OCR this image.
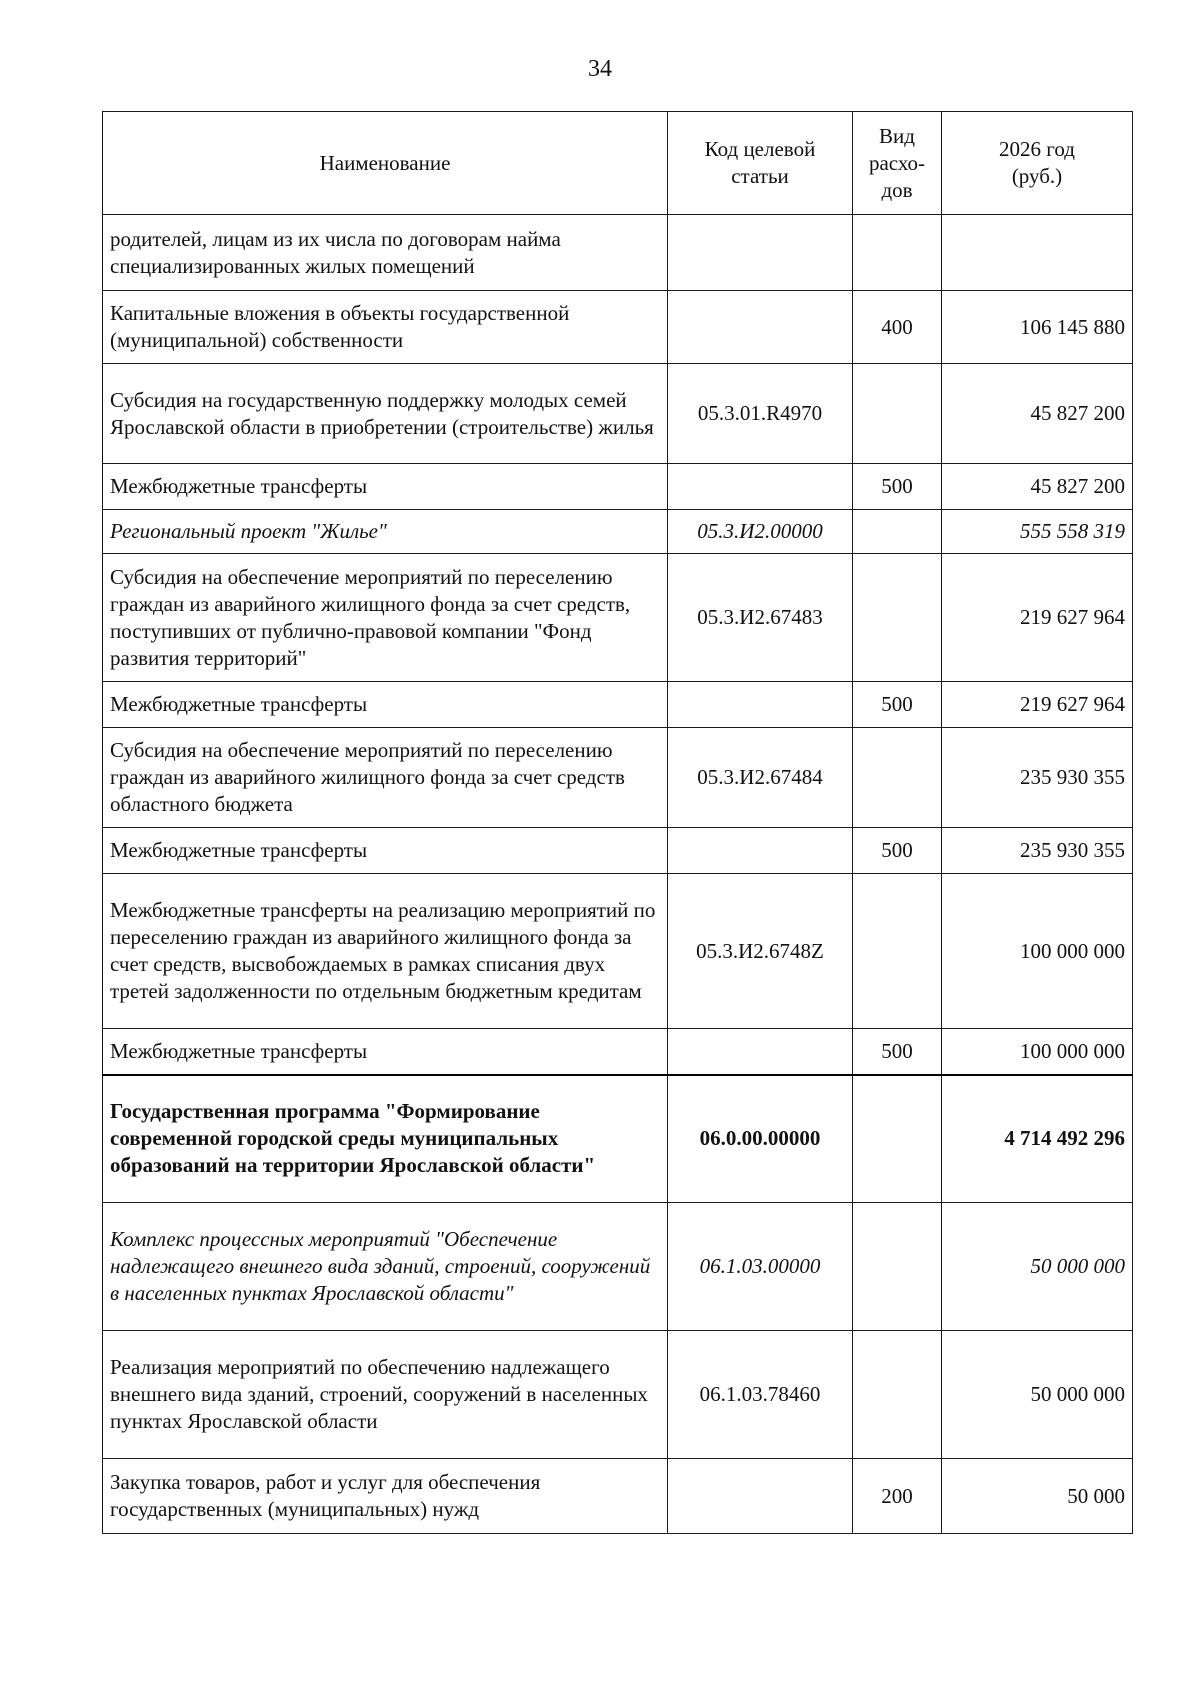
34
Наименование	Код целевой статьи	Вид расхо-дов	2026 год (руб.)
родителей, лицам из их числа по договорам найма специализированных жилых помещений			
Капитальные вложения в объекты государственной (муниципальной) собственности		400	106 145 880
Субсидия на государственную поддержку молодых семей Ярославской области в приобретении (строительстве) жилья	05.3.01.R4970		45 827 200
Межбюджетные трансферты		500	45 827 200
Региональный проект "Жилье"	05.3.И2.00000		555 558 319
Субсидия на обеспечение мероприятий по переселению граждан из аварийного жилищного фонда за счет средств, поступивших от публично-правовой компании "Фонд развития территорий"	05.3.И2.67483		219 627 964
Межбюджетные трансферты		500	219 627 964
Субсидия на обеспечение мероприятий по переселению граждан из аварийного жилищного фонда за счет средств областного бюджета	05.3.И2.67484		235 930 355
Межбюджетные трансферты		500	235 930 355
Межбюджетные трансферты на реализацию мероприятий по переселению граждан из аварийного жилищного фонда за счет средств, высвобождаемых в рамках списания двух третей задолженности по отдельным бюджетным кредитам	05.3.И2.6748Z		100 000 000
Межбюджетные трансферты		500	100 000 000
Государственная программа "Формирование современной городской среды муниципальных образований на территории Ярославской области"	06.0.00.00000		4 714 492 296
Комплекс процессных мероприятий "Обеспечение надлежащего внешнего вида зданий, строений, сооружений в населенных пунктах Ярославской области"	06.1.03.00000		50 000 000
Реализация мероприятий по обеспечению надлежащего внешнего вида зданий, строений, сооружений в населенных пунктах Ярославской области	06.1.03.78460		50 000 000
Закупка товаров, работ и услуг для обеспечения государственных (муниципальных) нужд		200	50 000
